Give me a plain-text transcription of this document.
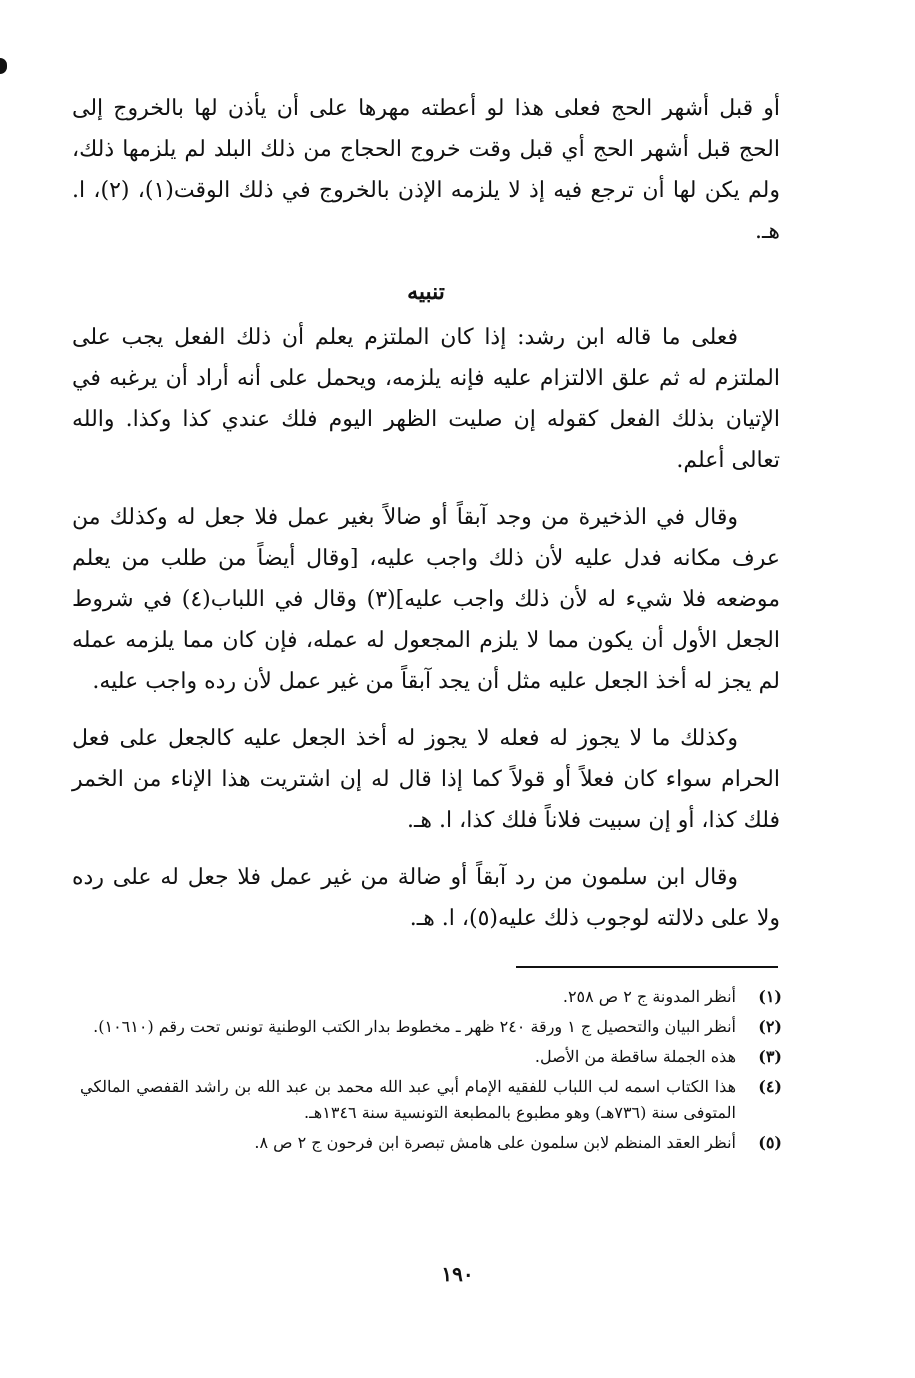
أو قبل أشهر الحج فعلى هذا لو أعطته مهرها على أن يأذن لها بالخروج إلى الحج قبل أشهر الحج أي قبل وقت خروج الحجاج من ذلك البلد لم يلزمها ذلك، ولم يكن لها أن ترجع فيه إذ لا يلزمه الإذن بالخروج في ذلك الوقت(١)، (٢)، ا. هـ.

تنبيه

فعلى ما قاله ابن رشد: إذا كان الملتزم يعلم أن ذلك الفعل يجب على الملتزم له ثم علق الالتزام عليه فإنه يلزمه، ويحمل على أنه أراد أن يرغبه في الإتيان بذلك الفعل كقوله إن صليت الظهر اليوم فلك عندي كذا وكذا. والله تعالى أعلم.

وقال في الذخيرة من وجد آبقاً أو ضالاً بغير عمل فلا جعل له وكذلك من عرف مكانه فدل عليه لأن ذلك واجب عليه، [وقال أيضاً من طلب من يعلم موضعه فلا شيء له لأن ذلك واجب عليه](٣) وقال في اللباب(٤) في شروط الجعل الأول أن يكون مما لا يلزم المجعول له عمله، فإن كان مما يلزمه عمله لم يجز له أخذ الجعل عليه مثل أن يجد آبقاً من غير عمل لأن رده واجب عليه.

وكذلك ما لا يجوز له فعله لا يجوز له أخذ الجعل عليه كالجعل على فعل الحرام سواء كان فعلاً أو قولاً كما إذا قال له إن اشتريت هذا الإناء من الخمر فلك كذا، أو إن سبيت فلاناً فلك كذا، ا. هـ.

وقال ابن سلمون من رد آبقاً أو ضالة من غير عمل فلا جعل له على رده ولا على دلالته لوجوب ذلك عليه(٥)، ا. هـ.

(١)
أنظر المدونة ج ٢ ص ٢٥٨.
(٢)
أنظر البيان والتحصيل ج ١ ورقة ٢٤٠ ظهر ـ مخطوط بدار الكتب الوطنية تونس تحت رقم (١٠٦١٠).
(٣)
هذه الجملة ساقطة من الأصل.
(٤)
هذا الكتاب اسمه لب اللباب للفقيه الإمام أبي عبد الله محمد بن عبد الله بن راشد القفصي المالكي المتوفى سنة (٧٣٦هـ) وهو مطبوع بالمطبعة التونسية سنة ١٣٤٦هـ.
(٥)
أنظر العقد المنظم لابن سلمون على هامش تبصرة ابن فرحون ج ٢ ص ٨.
١٩٠
